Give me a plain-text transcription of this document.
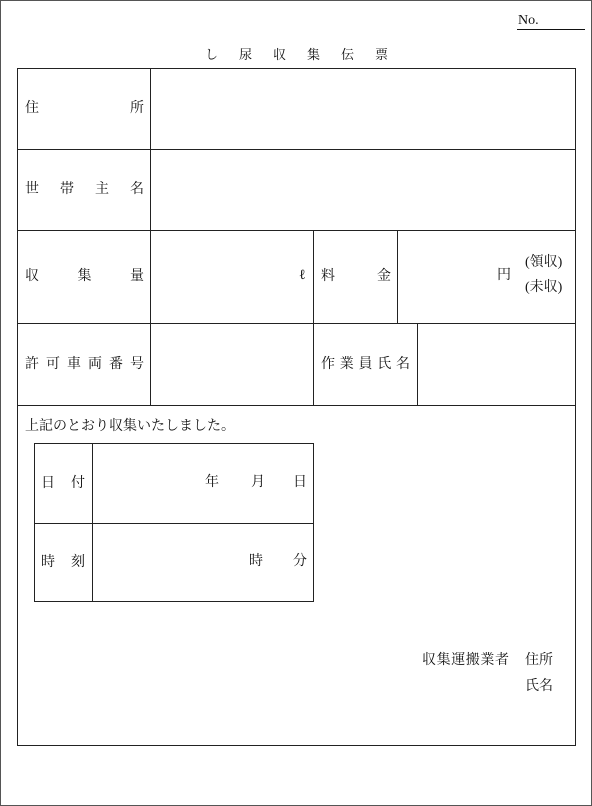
No.
し尿収集伝票
住所
世帯主名
収集量	ℓ 料金	円
(領収)
(未収)
許可車両番号	作業員氏名
上記のとおり収集いたしました。
日付	年 月 日
時刻	時 分
収集運搬業者 住所
氏名
